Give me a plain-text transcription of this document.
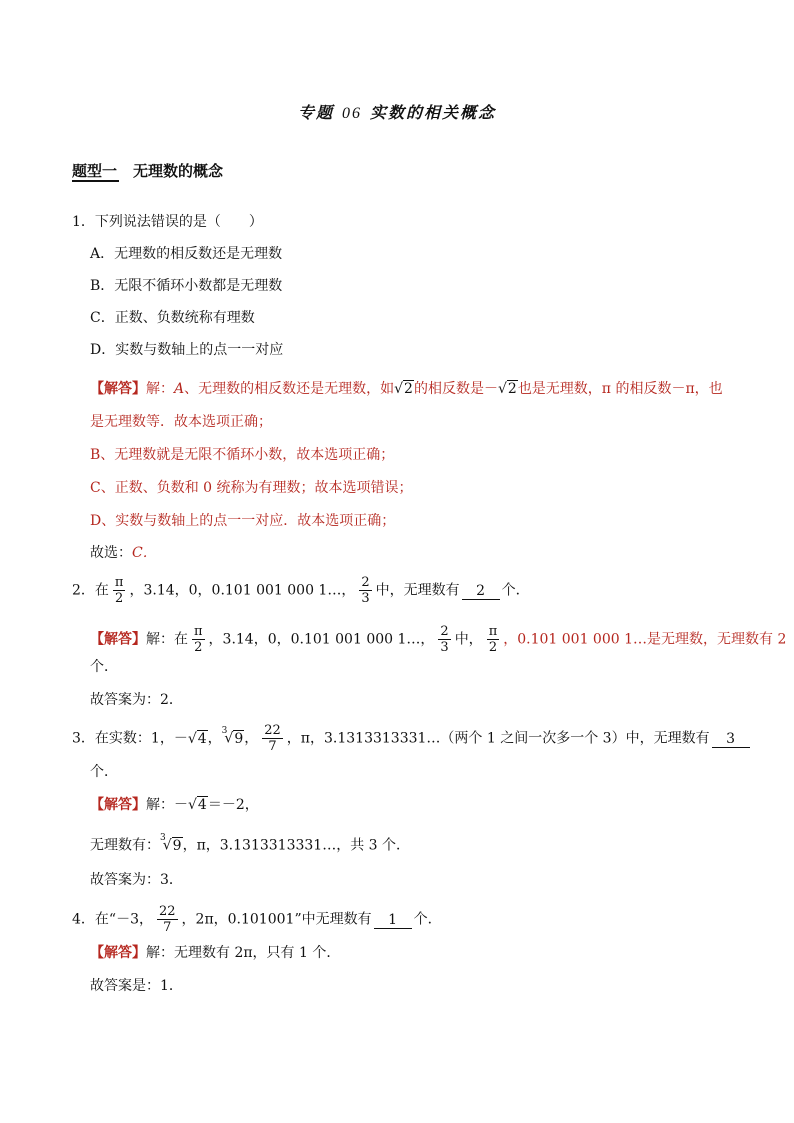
专题 06 实数的相关概念
题型一 无理数的概念
1．下列说法错误的是（　　）
A．无理数的相反数还是无理数
B．无限不循环小数都是无理数
C．正数、负数统称有理数
D．实数与数轴上的点一一对应
【解答】解：A、无理数的相反数还是无理数，如√2的相反数是－√2也是无理数，π 的相反数－π，也
是无理数等．故本选项正确；
B、无理数就是无限不循环小数，故本选项正确；
C、正数、负数和 0 统称为有理数；故本选项错误；
D、实数与数轴上的点一一对应．故本选项正确；
故选：C．
2．在 $\frac{\pi}{2}$ ，3.14，0，0.101 001 000 1…， $\frac{2}{3}$ 中，无理数有 2 个．
【解答】解：在 $\frac{\pi}{2}$ ，3.14，0，0.101 001 000 1…， $\frac{2}{3}$ 中， $\frac{\pi}{2}$ ，0.101 001 000 1…是无理数，无理数有 2
个．
故答案为：2．
3．在实数：1，－√4，$^3$√9， $\frac{22}{7}$ ，π，3.1313313331…（两个 1 之间一次多一个 3）中，无理数有 3
个．
【解答】解：－√4＝－2，
无理数有：$^3$√9，π，3.1313313331…，共 3 个．
故答案为：3．
4．在“－3， $\frac{22}{7}$ ，2π，0.101001”中无理数有 1 个．
【解答】解：无理数有 2π，只有 1 个．
故答案是：1．
